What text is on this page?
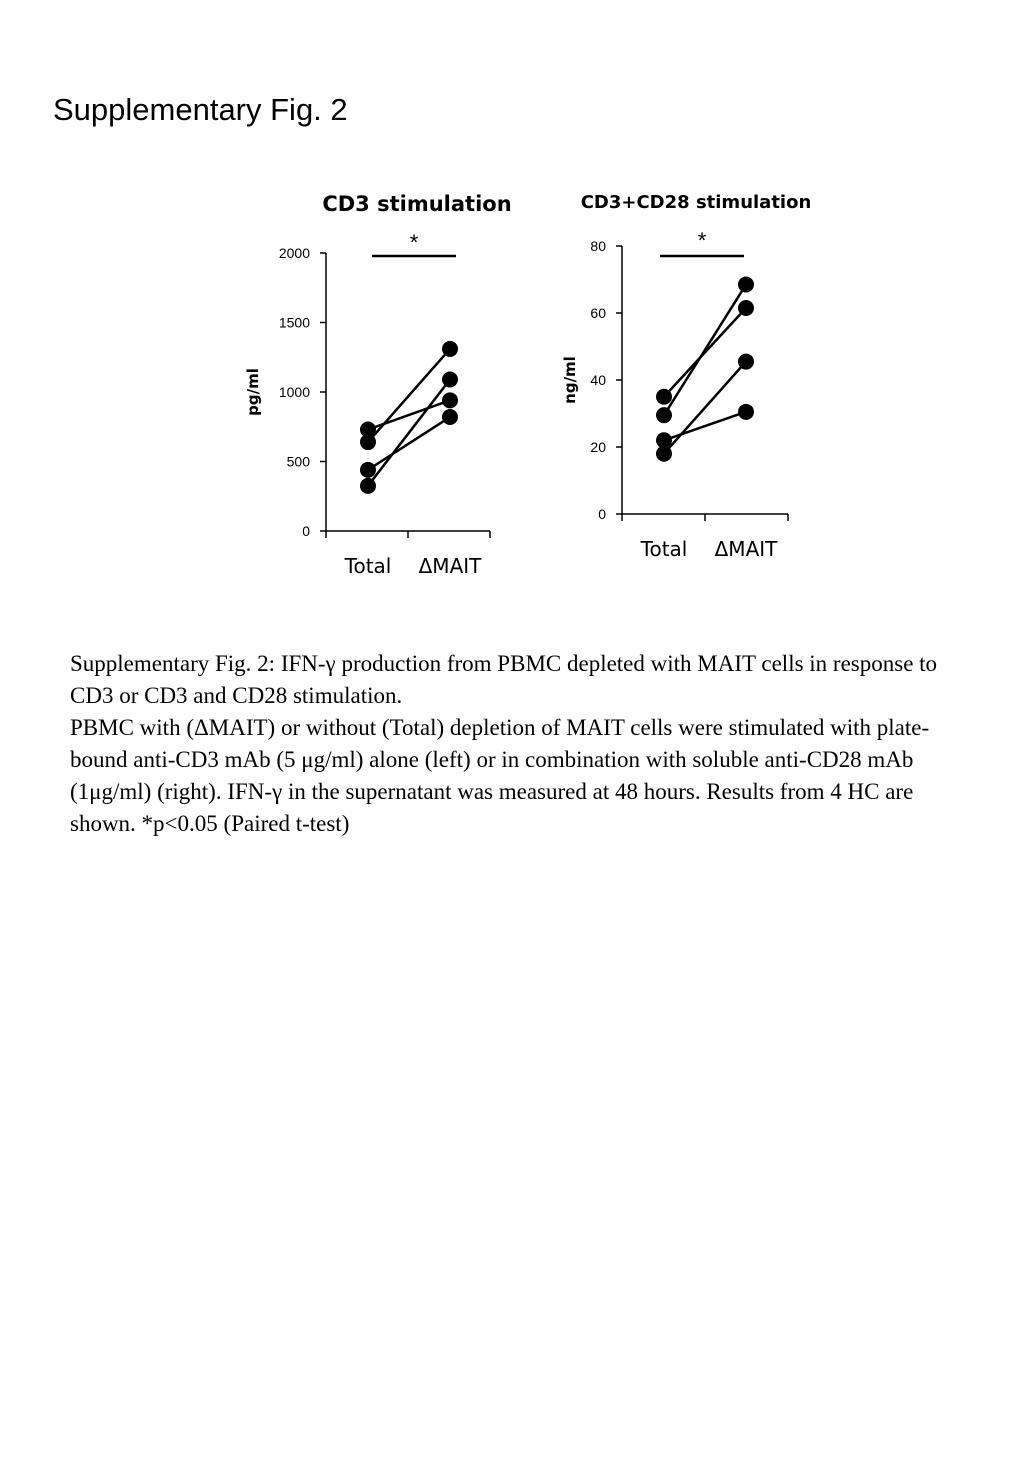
Supplementary Fig. 2
CD3 stimulation
0
500
1000
1500
2000
Total ΔMAIT
pg/ml
*
CD3+CD28 stimulation
0
20
40
60
80
Total ΔMAIT
ng/ml
*

Supplementary Fig. 2: IFN-γ production from PBMC depleted with MAIT cells in response to CD3 or CD3 and CD28 stimulation.

PBMC with (ΔMAIT) or without (Total) depletion of MAIT cells were stimulated with plate-bound anti-CD3 mAb (5 μg/ml) alone (left) or in combination with soluble anti-CD28 mAb (1μg/ml) (right). IFN-γ in the supernatant was measured at 48 hours. Results from 4 HC are shown. *p<0.05 (Paired t-test)
